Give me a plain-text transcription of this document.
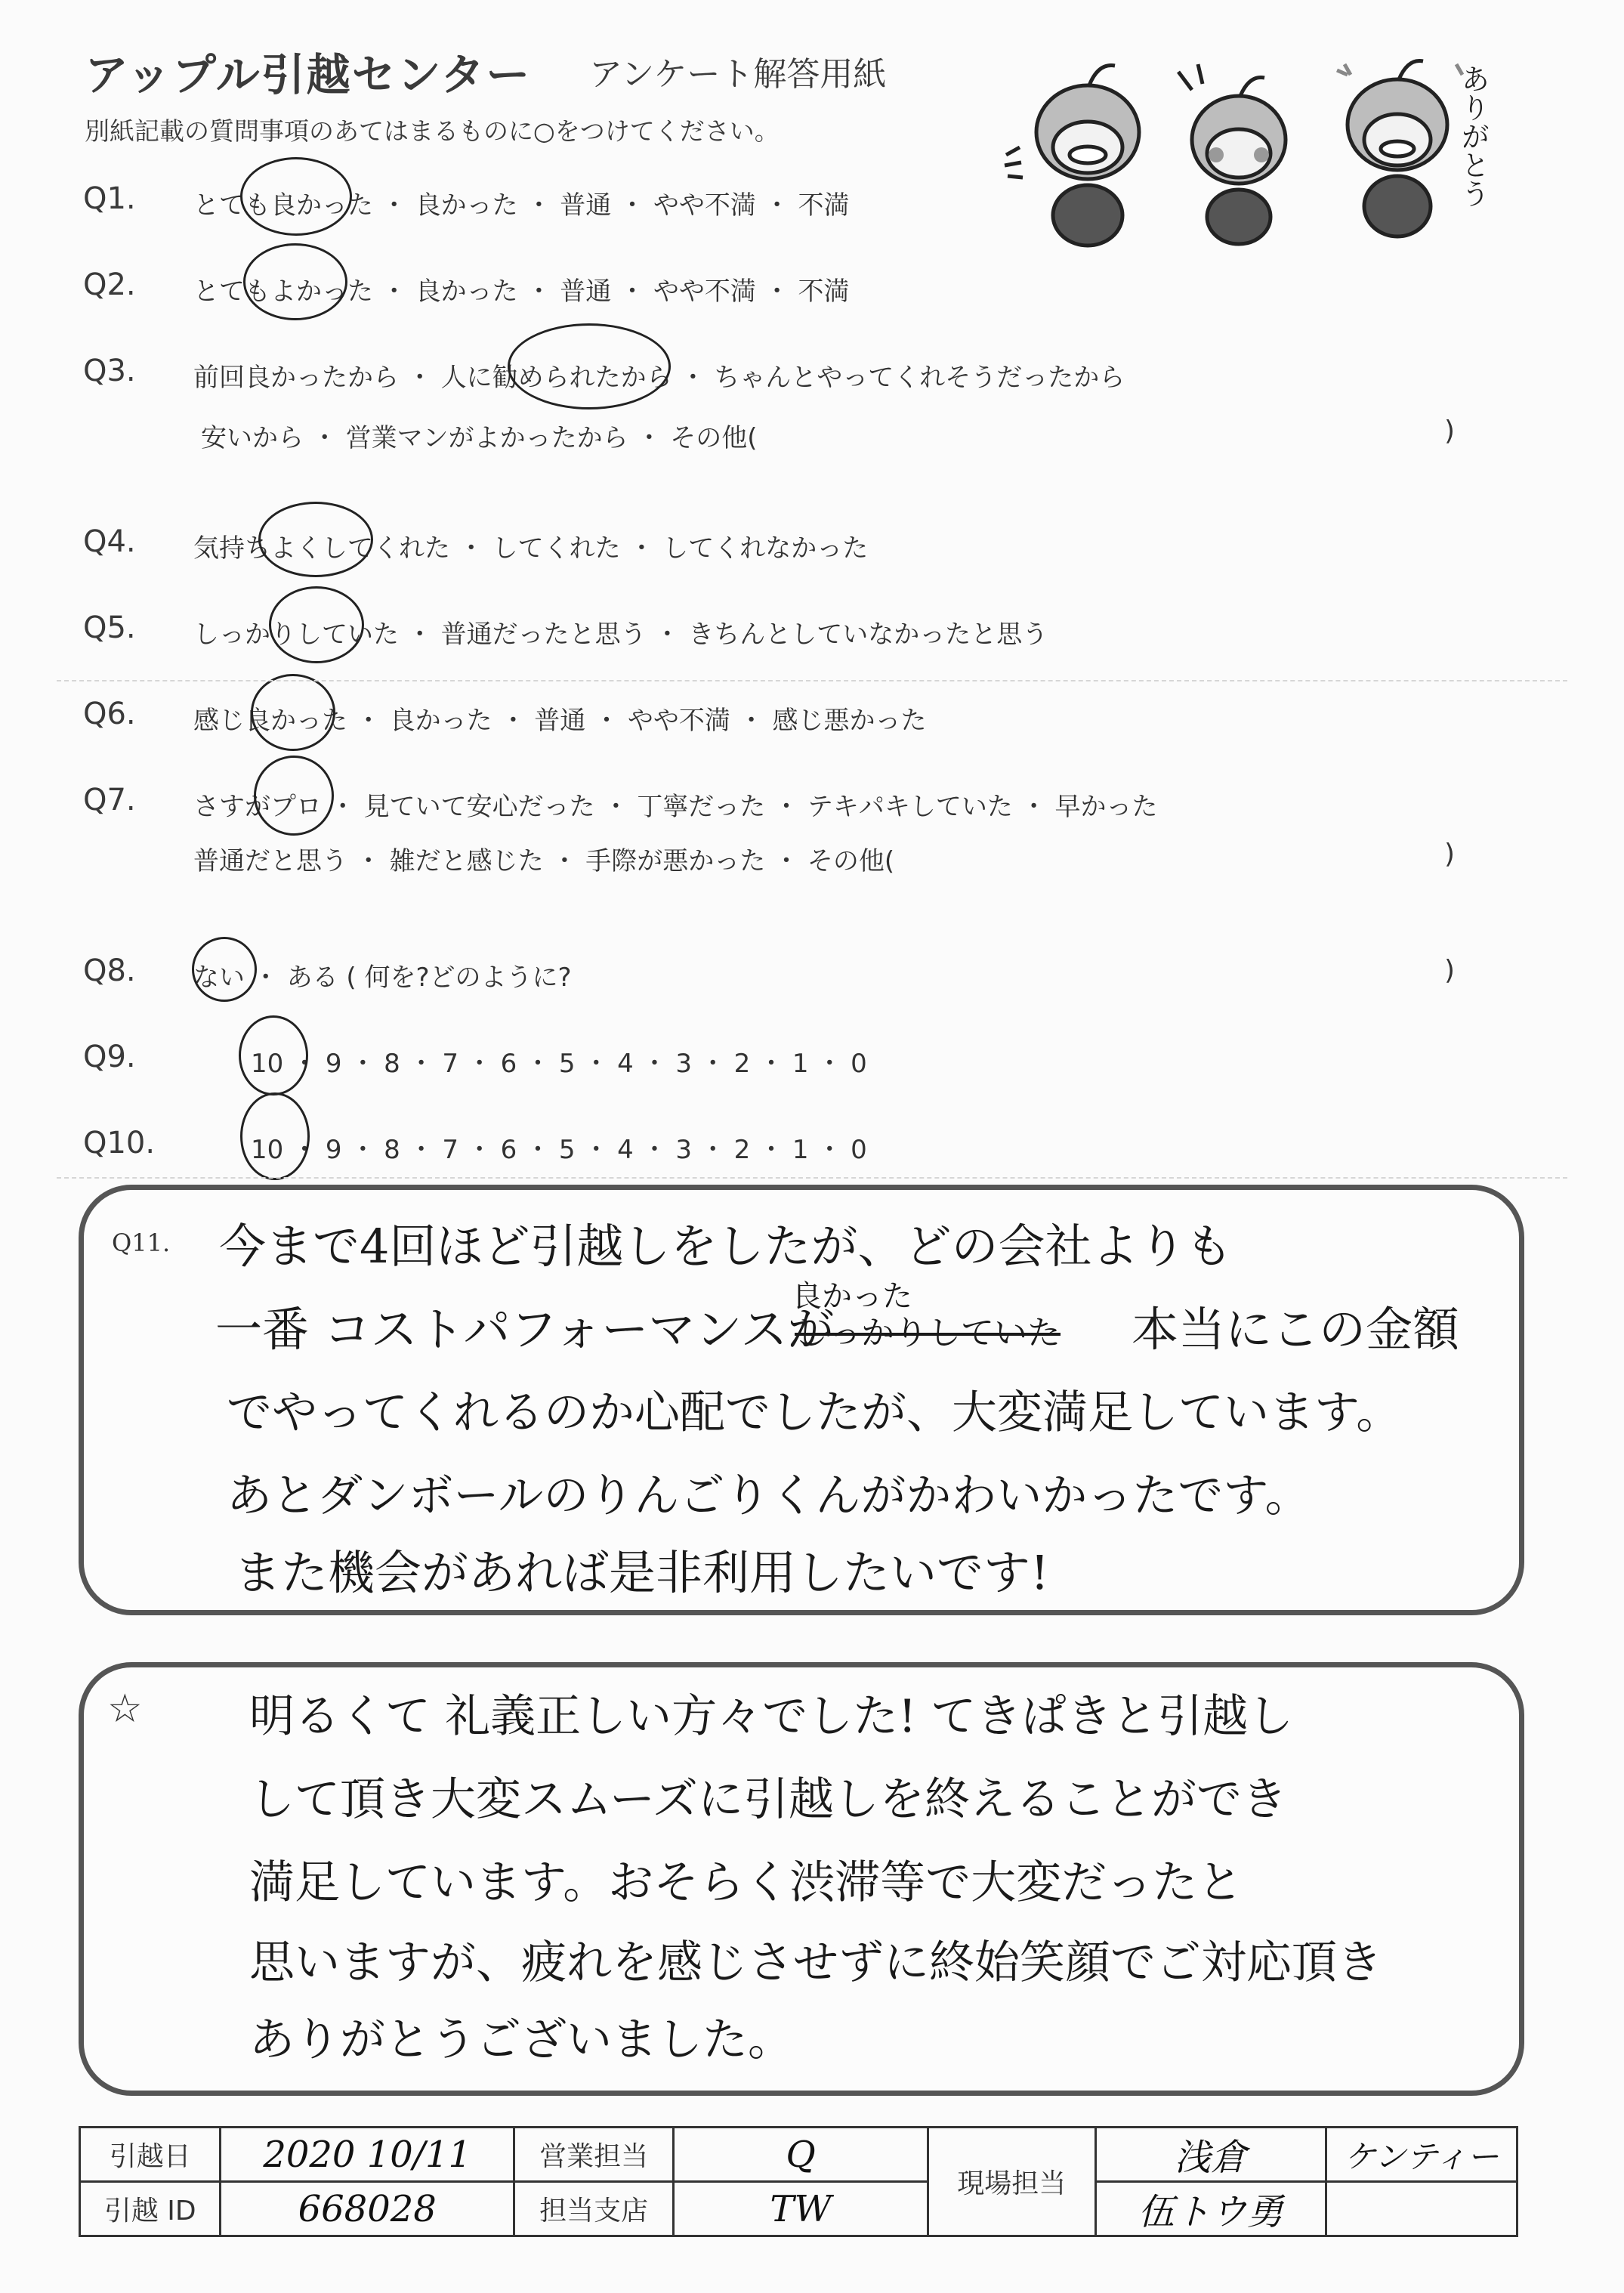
アップル引越センター アンケート解答用紙
別紙記載の質問事項のあてはまるものに○をつけてください。	ありがとう
Q1. とても良かった ・ 良かった ・ 普通 ・ やや不満 ・ 不満
Q2. とてもよかった ・ 良かった ・ 普通 ・ やや不満 ・ 不満
Q3. 前回良かったから ・ 人に勧められたから ・ ちゃんとやってくれそうだったから
安いから ・ 営業マンがよかったから ・ その他(	)
Q4. 気持ちよくしてくれた ・ してくれた ・ してくれなかった
Q5. しっかりしていた ・ 普通だったと思う ・ きちんとしていなかったと思う
Q6. 感じ良かった ・ 良かった ・ 普通 ・ やや不満 ・ 感じ悪かった
Q7. さすがプロ ・ 見ていて安心だった ・ 丁寧だった ・ テキパキしていた ・ 早かった
普通だと思う ・ 雑だと感じた ・ 手際が悪かった ・ その他(	)
Q8. ない ・ ある ( 何を?どのように?	)
Q9.	10 ・ 9 ・ 8 ・ 7 ・ 6 ・ 5 ・ 4 ・ 3 ・ 2 ・ 1 ・ 0
Q10.	10 ・ 9 ・ 8 ・ 7 ・ 6 ・ 5 ・ 4 ・ 3 ・ 2 ・ 1 ・ 0
Q11. 今まで4回ほど引越しをしたが、どの会社よりも
一番 コストパフォーマンスが
良かった
しっかりしていた 本当にこの金額
でやってくれるのか心配でしたが、大変満足しています。
あとダンボールのりんごりくんがかわいかったです。
また機会があれば是非利用したいです!
☆ 明るくて 礼義正しい方々でした! てきぱきと引越し
して頂き大変スムーズに引越しを終えることができ
満足しています。おそらく渋滞等で大変だったと
思いますが、疲れを感じさせずに終始笑顔でご対応頂き
ありがとうございました。
引越日	2020 10/11	営業担当	Q	現場担当	浅倉	ケンティー
引越 ID	668028	担当支店	TW		伍トウ勇	
